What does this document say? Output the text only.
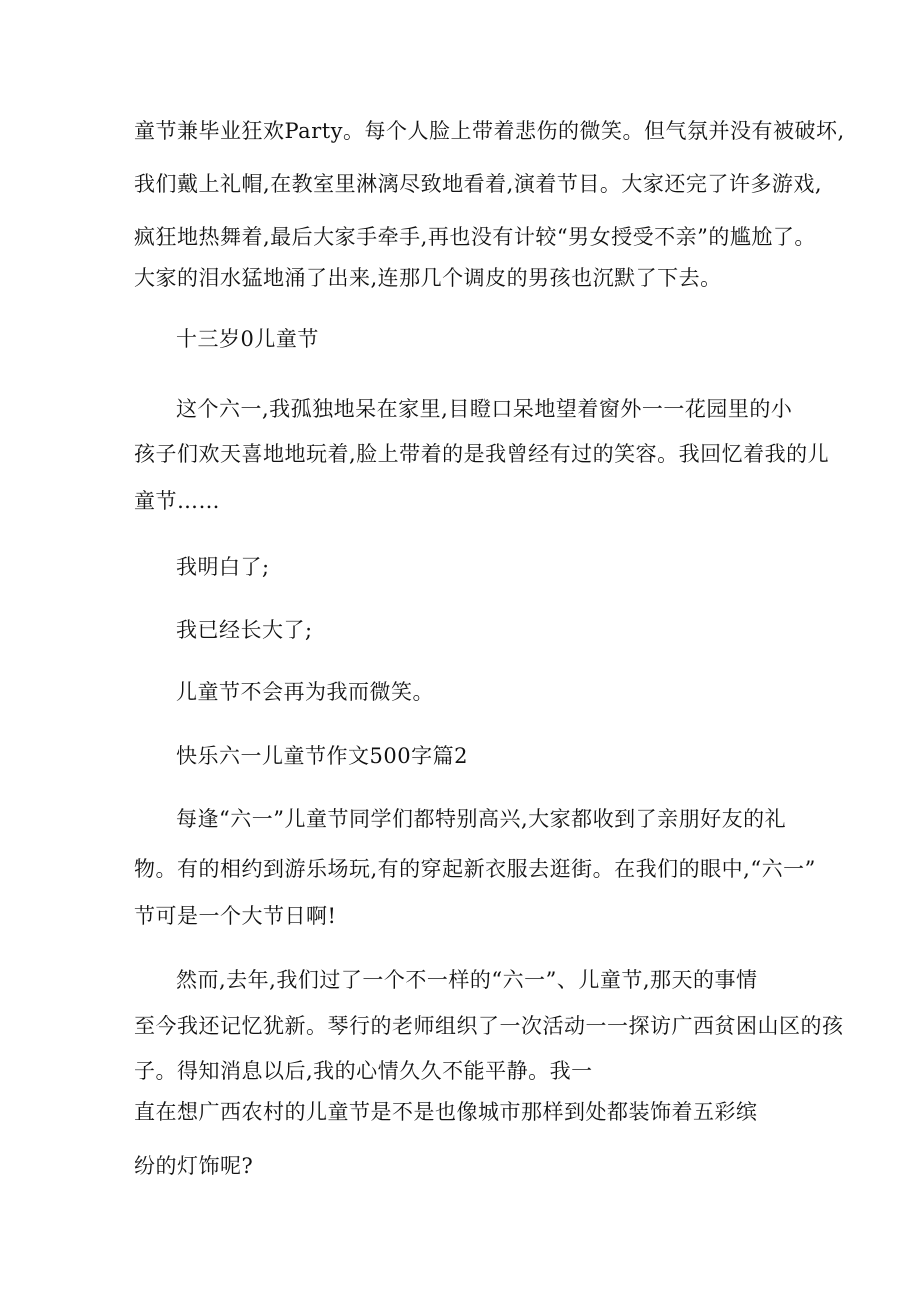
童节兼毕业狂欢Party。每个人脸上带着悲伤的微笑。但气氛并没有被破坏,
我们戴上礼帽,在教室里淋漓尽致地看着,演着节目。大家还完了许多游戏,
疯狂地热舞着,最后大家手牵手,再也没有计较“男女授受不亲”的尴尬了。
大家的泪水猛地涌了出来,连那几个调皮的男孩也沉默了下去。
十三岁0儿童节
这个六一,我孤独地呆在家里,目瞪口呆地望着窗外一一花园里的小
孩子们欢天喜地地玩着,脸上带着的是我曾经有过的笑容。我回忆着我的儿
童节……
我明白了;
我已经长大了;
儿童节不会再为我而微笑。
快乐六一儿童节作文500字篇2
每逢“六一”儿童节同学们都特别高兴,大家都收到了亲朋好友的礼
物。有的相约到游乐场玩,有的穿起新衣服去逛街。在我们的眼中,“六一”
节可是一个大节日啊!
然而,去年,我们过了一个不一样的“六一”、儿童节,那天的事情
至今我还记忆犹新。琴行的老师组织了一次活动一一探访广西贫困山区的孩
子。得知消息以后,我的心情久久不能平静。我一
直在想广西农村的儿童节是不是也像城市那样到处都装饰着五彩缤
纷的灯饰呢?
